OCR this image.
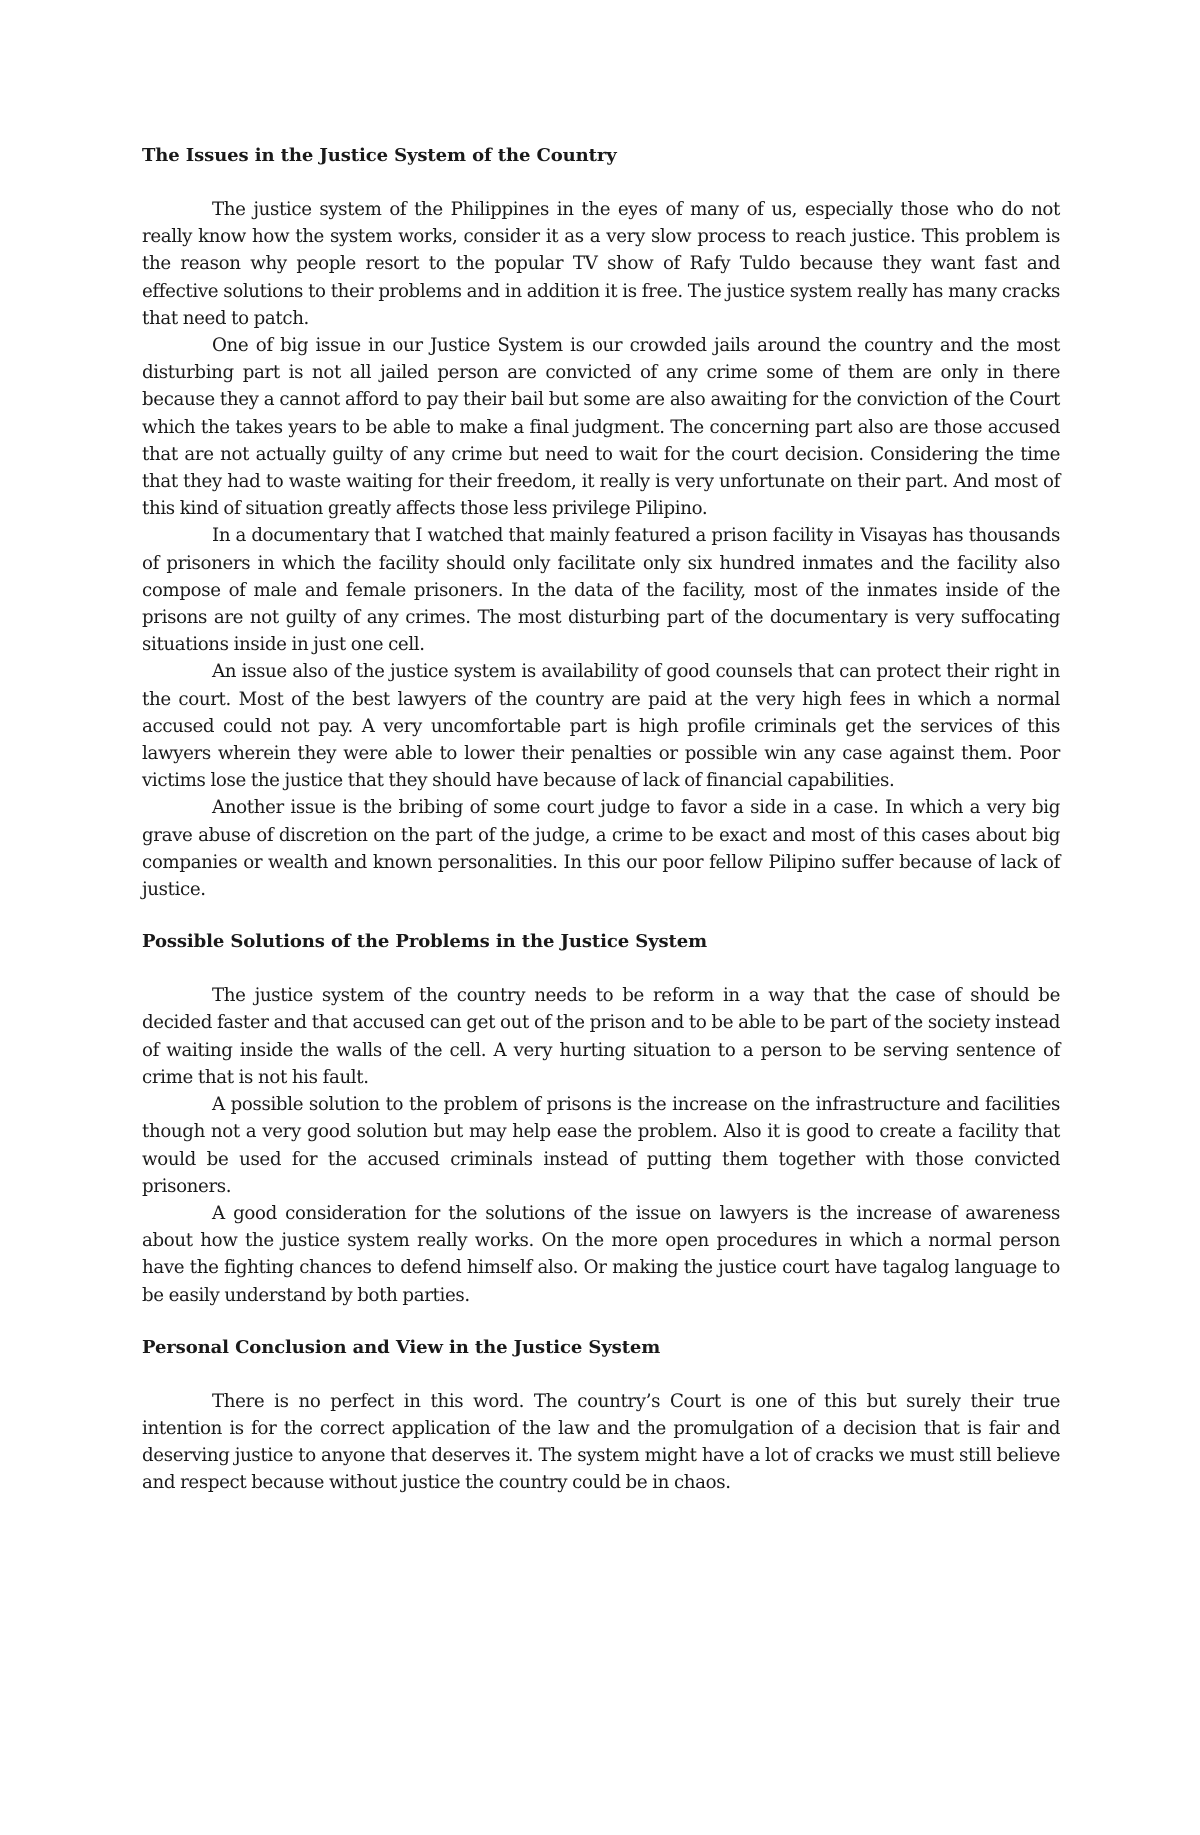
The Issues in the Justice System of the Country

The justice system of the Philippines in the eyes of many of us, especially those who do not really know how the system works, consider it as a very slow process to reach justice. This problem is the reason why people resort to the popular TV show of Rafy Tuldo because they want fast and effective solutions to their problems and in addition it is free. The justice system really has many cracks that need to patch.

One of big issue in our Justice System is our crowded jails around the country and the most disturbing part is not all jailed person are convicted of any crime some of them are only in there because they a cannot afford to pay their bail but some are also awaiting for the conviction of the Court which the takes years to be able to make a final judgment. The concerning part also are those accused that are not actually guilty of any crime but need to wait for the court decision. Considering the time that they had to waste waiting for their freedom, it really is very unfortunate on their part. And most of this kind of situation greatly affects those less privilege Pilipino.

In a documentary that I watched that mainly featured a prison facility in Visayas has thousands of prisoners in which the facility should only facilitate only six hundred inmates and the facility also compose of male and female prisoners. In the data of the facility, most of the inmates inside of the prisons are not guilty of any crimes. The most disturbing part of the documentary is very suffocating situations inside in just one cell.

An issue also of the justice system is availability of good counsels that can protect their right in the court. Most of the best lawyers of the country are paid at the very high fees in which a normal accused could not pay. A very uncomfortable part is high profile criminals get the services of this lawyers wherein they were able to lower their penalties or possible win any case against them. Poor victims lose the justice that they should have because of lack of financial capabilities.

Another issue is the bribing of some court judge to favor a side in a case. In which a very big grave abuse of discretion on the part of the judge, a crime to be exact and most of this cases about big companies or wealth and known personalities. In this our poor fellow Pilipino suffer because of lack of justice.

Possible Solutions of the Problems in the Justice System

The justice system of the country needs to be reform in a way that the case of should be decided faster and that accused can get out of the prison and to be able to be part of the society instead of waiting inside the walls of the cell. A very hurting situation to a person to be serving sentence of crime that is not his fault.

A possible solution to the problem of prisons is the increase on the infrastructure and facilities though not a very good solution but may help ease the problem. Also it is good to create a facility that would be used for the accused criminals instead of putting them together with those convicted prisoners.

A good consideration for the solutions of the issue on lawyers is the increase of awareness about how the justice system really works. On the more open procedures in which a normal person have the fighting chances to defend himself also. Or making the justice court have tagalog language to be easily understand by both parties.

Personal Conclusion and View in the Justice System

There is no perfect in this word. The country’s Court is one of this but surely their true intention is for the correct application of the law and the promulgation of a decision that is fair and deserving justice to anyone that deserves it. The system might have a lot of cracks we must still believe and respect because without justice the country could be in chaos.
